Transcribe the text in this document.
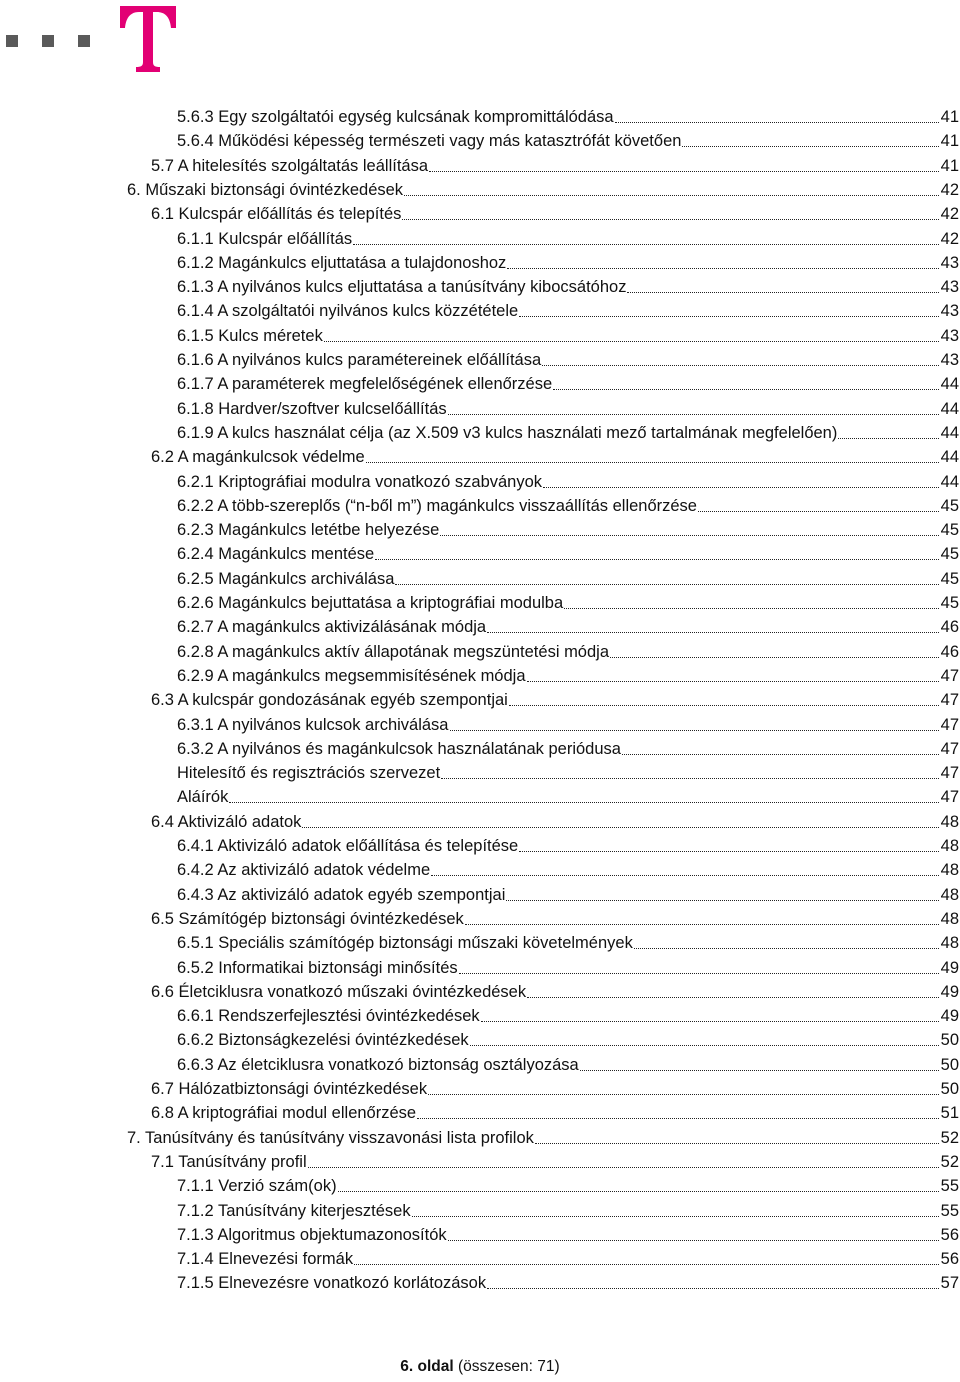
5.6.3 Egy szolgáltatói egység kulcsának kompromittálódása	41
5.6.4 Működési képesség természeti vagy más katasztrófát követően	41
5.7 A hitelesítés szolgáltatás leállítása	41
6. Műszaki biztonsági óvintézkedések	42
6.1 Kulcspár előállítás és telepítés	42
6.1.1 Kulcspár előállítás	42
6.1.2 Magánkulcs eljuttatása a tulajdonoshoz	43
6.1.3 A nyilvános kulcs eljuttatása a tanúsítvány kibocsátóhoz	43
6.1.4 A szolgáltatói nyilvános kulcs közzététele	43
6.1.5 Kulcs méretek	43
6.1.6 A nyilvános kulcs paramétereinek előállítása	43
6.1.7 A paraméterek megfelelőségének ellenőrzése	44
6.1.8 Hardver/szoftver kulcselőállítás	44
6.1.9 A kulcs használat célja (az X.509 v3 kulcs használati mező tartalmának megfelelően)	44
6.2 A magánkulcsok védelme	44
6.2.1 Kriptográfiai modulra vonatkozó szabványok	44
6.2.2 A több-szereplős (“n-ből m”) magánkulcs visszaállítás ellenőrzése	45
6.2.3 Magánkulcs letétbe helyezése	45
6.2.4 Magánkulcs mentése	45
6.2.5 Magánkulcs archiválása	45
6.2.6 Magánkulcs bejuttatása a kriptográfiai modulba	45
6.2.7 A magánkulcs aktivizálásának módja	46
6.2.8 A magánkulcs aktív állapotának megszüntetési módja	46
6.2.9 A magánkulcs megsemmisítésének módja	47
6.3 A kulcspár gondozásának egyéb szempontjai	47
6.3.1 A nyilvános kulcsok archiválása	47
6.3.2 A nyilvános és magánkulcsok használatának periódusa	47
Hitelesítő és regisztrációs szervezet	47
Aláírók	47
6.4 Aktivizáló adatok	48
6.4.1 Aktivizáló adatok előállítása és telepítése	48
6.4.2 Az aktivizáló adatok védelme	48
6.4.3 Az aktivizáló adatok egyéb szempontjai	48
6.5 Számítógép biztonsági óvintézkedések	48
6.5.1 Speciális számítógép biztonsági műszaki követelmények	48
6.5.2 Informatikai biztonsági minősítés	49
6.6 Életciklusra vonatkozó műszaki óvintézkedések	49
6.6.1 Rendszerfejlesztési óvintézkedések	49
6.6.2 Biztonságkezelési óvintézkedések	50
6.6.3 Az életciklusra vonatkozó biztonság osztályozása	50
6.7 Hálózatbiztonsági óvintézkedések	50
6.8 A kriptográfiai modul ellenőrzése	51
7. Tanúsítvány és tanúsítvány visszavonási lista profilok	52
7.1 Tanúsítvány profil	52
7.1.1 Verzió szám(ok)	55
7.1.2 Tanúsítvány kiterjesztések	55
7.1.3 Algoritmus objektumazonosítók	56
7.1.4 Elnevezési formák	56
7.1.5 Elnevezésre vonatkozó korlátozások	57
6. oldal (összesen: 71)
